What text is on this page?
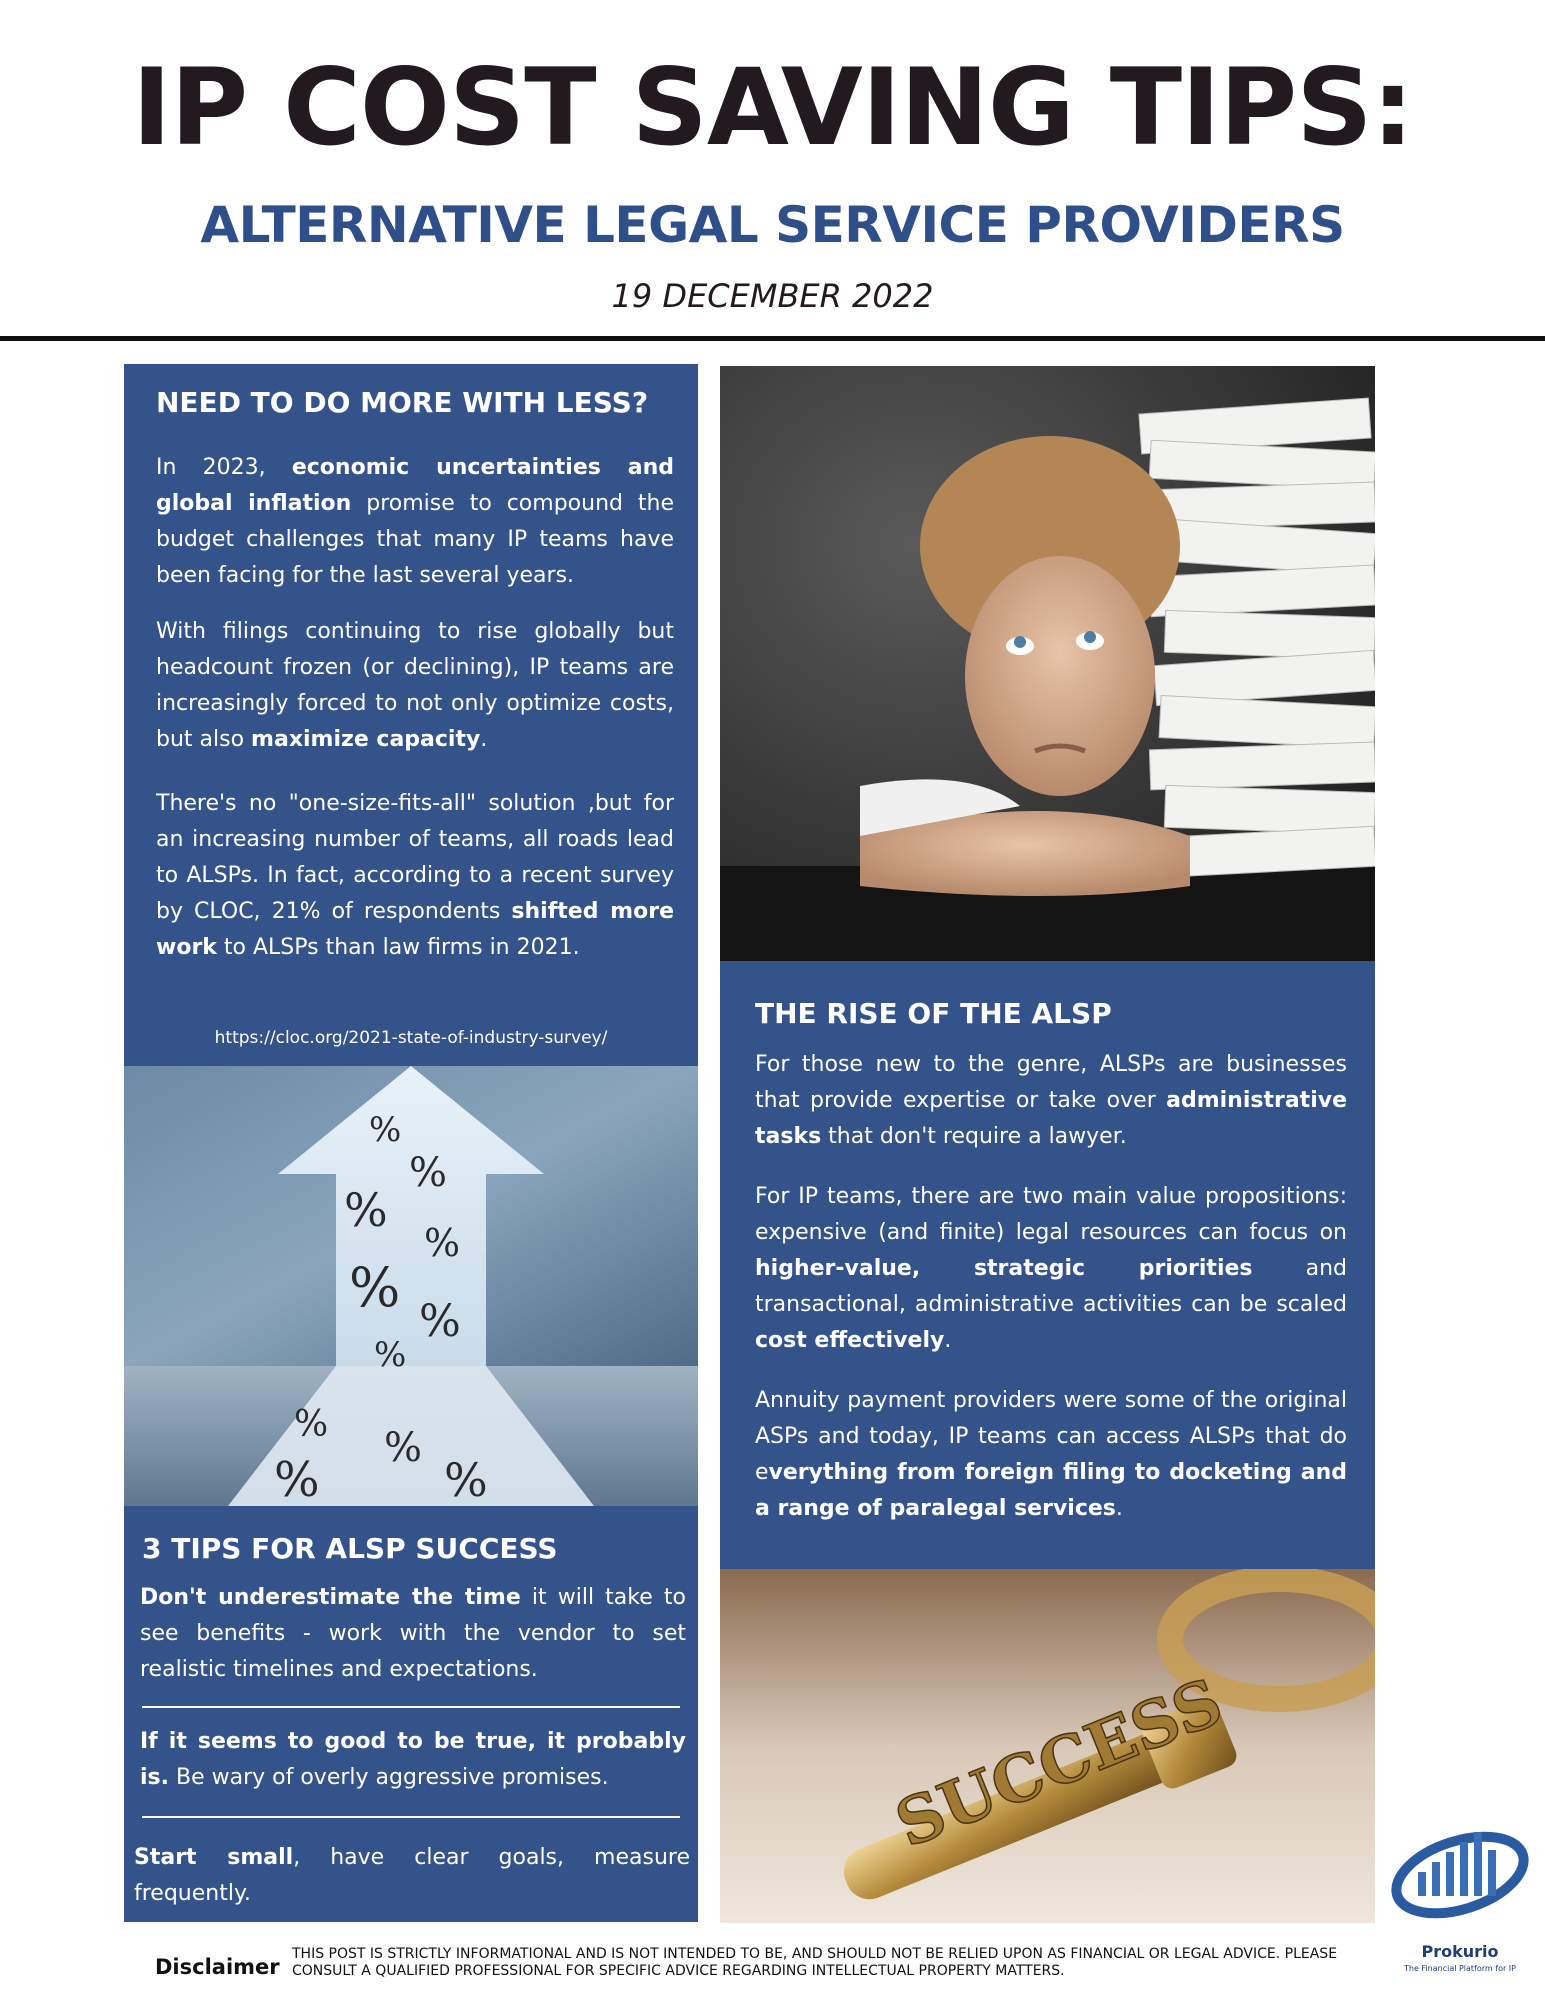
IP COST SAVING TIPS:
ALTERNATIVE LEGAL SERVICE PROVIDERS
19 DECEMBER 2022
NEED TO DO MORE WITH LESS?

In 2023, economic uncertainties and global inflation promise to compound the budget challenges that many IP teams have been facing for the last several years.

With filings continuing to rise globally but headcount frozen (or declining), IP teams are increasingly forced to not only optimize costs, but also maximize capacity.

There's no "one-size-fits-all" solution ,but for an increasing number of teams, all roads lead to ALSPs. In fact, according to a recent survey by CLOC, 21% of respondents shifted more work to ALSPs than law firms in 2021.

https://cloc.org/2021-state-of-industry-survey/
%
%
%
%
%
%
%
%
%
%	%
3 TIPS FOR ALSP SUCCESS
Don't underestimate the time it will take to see benefits - work with the vendor to set realistic timelines and expectations.
If it seems to good to be true, it probably is. Be wary of overly aggressive promises.
Start small, have clear goals, measure frequently.
THE RISE OF THE ALSP

For those new to the genre, ALSPs are businesses that provide expertise or take over administrative tasks that don't require a lawyer.

For IP teams, there are two main value propositions: expensive (and finite) legal resources can focus on higher-value, strategic priorities and transactional, administrative activities can be scaled cost effectively.

Annuity payment providers were some of the original ASPs and today, IP teams can access ALSPs that do everything from foreign filing to docketing and a range of paralegal services.

SUCCESS
Prokurio
The Financial Platform for IP
Disclaimer
THIS POST IS STRICTLY INFORMATIONAL AND IS NOT INTENDED TO BE, AND SHOULD NOT BE RELIED UPON AS FINANCIAL OR LEGAL ADVICE. PLEASE CONSULT A QUALIFIED PROFESSIONAL FOR SPECIFIC ADVICE REGARDING INTELLECTUAL PROPERTY MATTERS.
